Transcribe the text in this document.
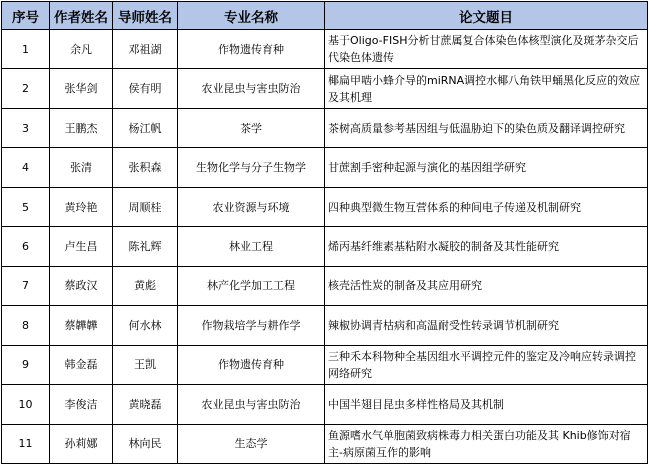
序号	作者姓名	导师姓名	专业名称	论文题目
1	余凡	邓祖湖	作物遗传育种	基于Oligo-FISH分析甘蔗属复合体染色体核型演化及斑茅杂交后代染色体遗传
2	张华剑	侯有明	农业昆虫与害虫防治	椰扁甲啮小蜂介导的miRNA调控水椰八角铁甲蛹黑化反应的效应及其机理
3	王鹏杰	杨江帆	茶学	茶树高质量参考基因组与低温胁迫下的染色质及翻译调控研究
4	张清	张积森	生物化学与分子生物学	甘蔗割手密种起源与演化的基因组学研究
5	黄玲艳	周顺桂	农业资源与环境	四种典型微生物互营体系的种间电子传递及机制研究
6	卢生昌	陈礼辉	林业工程	烯丙基纤维素基粘附水凝胶的制备及其性能研究
7	蔡政汉	黄彪	林产化学加工工程	核壳活性炭的制备及其应用研究
8	蔡韡韡	何水林	作物栽培学与耕作学	辣椒协调青枯病和高温耐受性转录调节机制研究
9	韩金磊	王凯	作物遗传育种	三种禾本科物种全基因组水平调控元件的鉴定及冷响应转录调控网络研究
10	李俊洁	黄晓磊	农业昆虫与害虫防治	中国半翅目昆虫多样性格局及其机制
11	孙莉娜	林向民	生态学	鱼源嗜水气单胞菌致病株毒力相关蛋白功能及其 Khib修饰对宿主-病原菌互作的影响
